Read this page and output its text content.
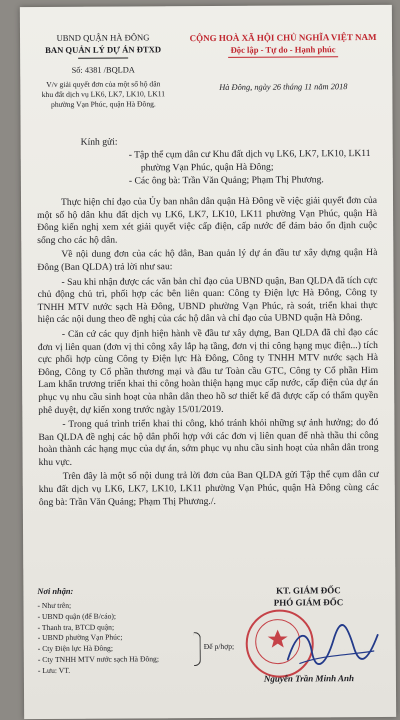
UBND QUẬN HÀ ĐÔNG
BAN QUẢN LÝ DỰ ÁN ĐTXD
Số: 4381 /BQLDA
V/v giải quyết đơn của một số hộ dân
khu đất dịch vụ LK6, LK7, LK10, LK11
phường Vạn Phúc, quận Hà Đông.
CỘNG HOÀ XÃ HỘI CHỦ NGHĨA VIỆT NAM
Độc lập - Tự do - Hạnh phúc
Hà Đông, ngày 26 tháng 11 năm 2018
Kính gửi:
- Tập thể cụm dân cư Khu đất dịch vụ LK6, LK7, LK10, LK11
phường Vạn Phúc, quận Hà Đông;
- Các ông bà: Trần Văn Quảng; Phạm Thị Phương.

Thực hiện chỉ đạo của Ủy ban nhân dân quận Hà Đông về việc giải quyết đơn của một số hộ dân khu đất dịch vụ LK6, LK7, LK10, LK11 phường Vạn Phúc, quận Hà Đông kiến nghị xem xét giải quyết việc cấp điện, cấp nước để đảm bảo ổn định cuộc sống cho các hộ dân.

Về nội dung đơn của các hộ dân, Ban quản lý dự án đầu tư xây dựng quận Hà Đông (Ban QLDA) trả lời như sau:

- Sau khi nhận được các văn bản chỉ đạo của UBND quận, Ban QLDA đã tích cực chủ động chủ trì, phối hợp các bên liên quan: Công ty Điện lực Hà Đông, Công ty TNHH MTV nước sạch Hà Đông, UBND phường Vạn Phúc, rà soát, triển khai thực hiện các nội dung theo đề nghị của các hộ dân và chỉ đạo của UBND quận Hà Đông.

- Căn cứ các quy định hiện hành về đầu tư xây dựng, Ban QLDA đã chỉ đạo các đơn vị liên quan (đơn vị thi công xây lắp hạ tầng, đơn vị thi công hạng mục điện...) tích cực phối hợp cùng Công ty Điện lực Hà Đông, Công ty TNHH MTV nước sạch Hà Đông, Công ty Cổ phần thương mại và đầu tư Toàn cầu GTC, Công ty Cổ phần Him Lam khẩn trương triển khai thi công hoàn thiện hạng mục cấp nước, cấp điện của dự án phục vụ nhu cầu sinh hoạt của nhân dân theo hồ sơ thiết kế đã được cấp có thẩm quyền phê duyệt, dự kiến xong trước ngày 15/01/2019.

- Trong quá trình triển khai thi công, khó tránh khỏi những sự ảnh hưởng; do đó Ban QLDA đề nghị các hộ dân phối hợp với các đơn vị liên quan để nhà thầu thi công hoàn thành các hạng mục của dự án, sớm phục vụ nhu cầu sinh hoạt của nhân dân trong khu vực.

Trên đây là một số nội dung trả lời đơn của Ban QLDA gửi Tập thể cụm dân cư khu đất dịch vụ LK6, LK7, LK10, LK11 phường Vạn Phúc, quận Hà Đông cùng các ông bà: Trần Văn Quảng; Phạm Thị Phương./.

Nơi nhận:
- Như trên;
- UBND quận (để B/cáo);
- Thanh tra, BTCD quận;
- UBND phường Vạn Phúc;
- Cty Điện lực Hà Đông;
- Cty TNHH MTV nước sạch Hà Đông;
- Lưu: VT.
Để p/hợp;
KT. GIÁM ĐỐC
PHÓ GIÁM ĐỐC
Nguyễn Trần Minh Anh
